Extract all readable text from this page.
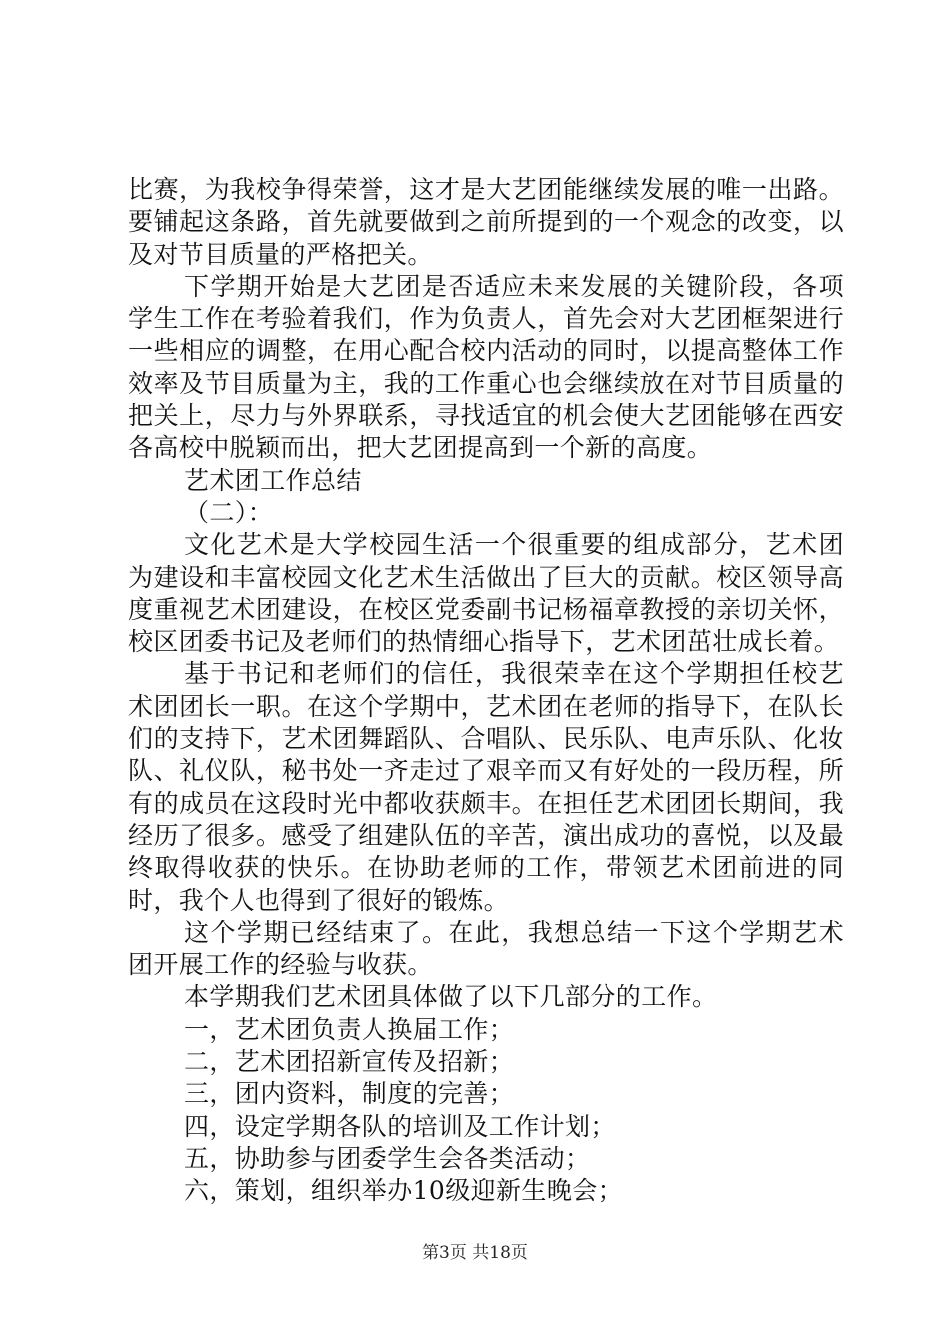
比赛，为我校争得荣誉，这才是大艺团能继续发展的唯一出路。要铺起这条路，首先就要做到之前所提到的一个观念的改变，以及对节目质量的严格把关。

下学期开始是大艺团是否适应未来发展的关键阶段，各项学生工作在考验着我们，作为负责人，首先会对大艺团框架进行一些相应的调整，在用心配合校内活动的同时，以提高整体工作效率及节目质量为主，我的工作重心也会继续放在对节目质量的把关上，尽力与外界联系，寻找适宜的机会使大艺团能够在西安各高校中脱颖而出，把大艺团提高到一个新的高度。

艺术团工作总结

（二）：

文化艺术是大学校园生活一个很重要的组成部分，艺术团为建设和丰富校园文化艺术生活做出了巨大的贡献。校区领导高度重视艺术团建设，在校区党委副书记杨福章教授的亲切关怀，校区团委书记及老师们的热情细心指导下，艺术团茁壮成长着。

基于书记和老师们的信任，我很荣幸在这个学期担任校艺术团团长一职。在这个学期中，艺术团在老师的指导下，在队长们的支持下，艺术团舞蹈队、合唱队、民乐队、电声乐队、化妆队、礼仪队，秘书处一齐走过了艰辛而又有好处的一段历程，所有的成员在这段时光中都收获颇丰。在担任艺术团团长期间，我经历了很多。感受了组建队伍的辛苦，演出成功的喜悦，以及最终取得收获的快乐。在协助老师的工作，带领艺术团前进的同时，我个人也得到了很好的锻炼。

这个学期已经结束了。在此，我想总结一下这个学期艺术团开展工作的经验与收获。

本学期我们艺术团具体做了以下几部分的工作。

一，艺术团负责人换届工作；

二，艺术团招新宣传及招新；

三，团内资料，制度的完善；

四，设定学期各队的培训及工作计划；

五，协助参与团委学生会各类活动；

六，策划，组织举办10级迎新生晚会；

第3页 共18页
